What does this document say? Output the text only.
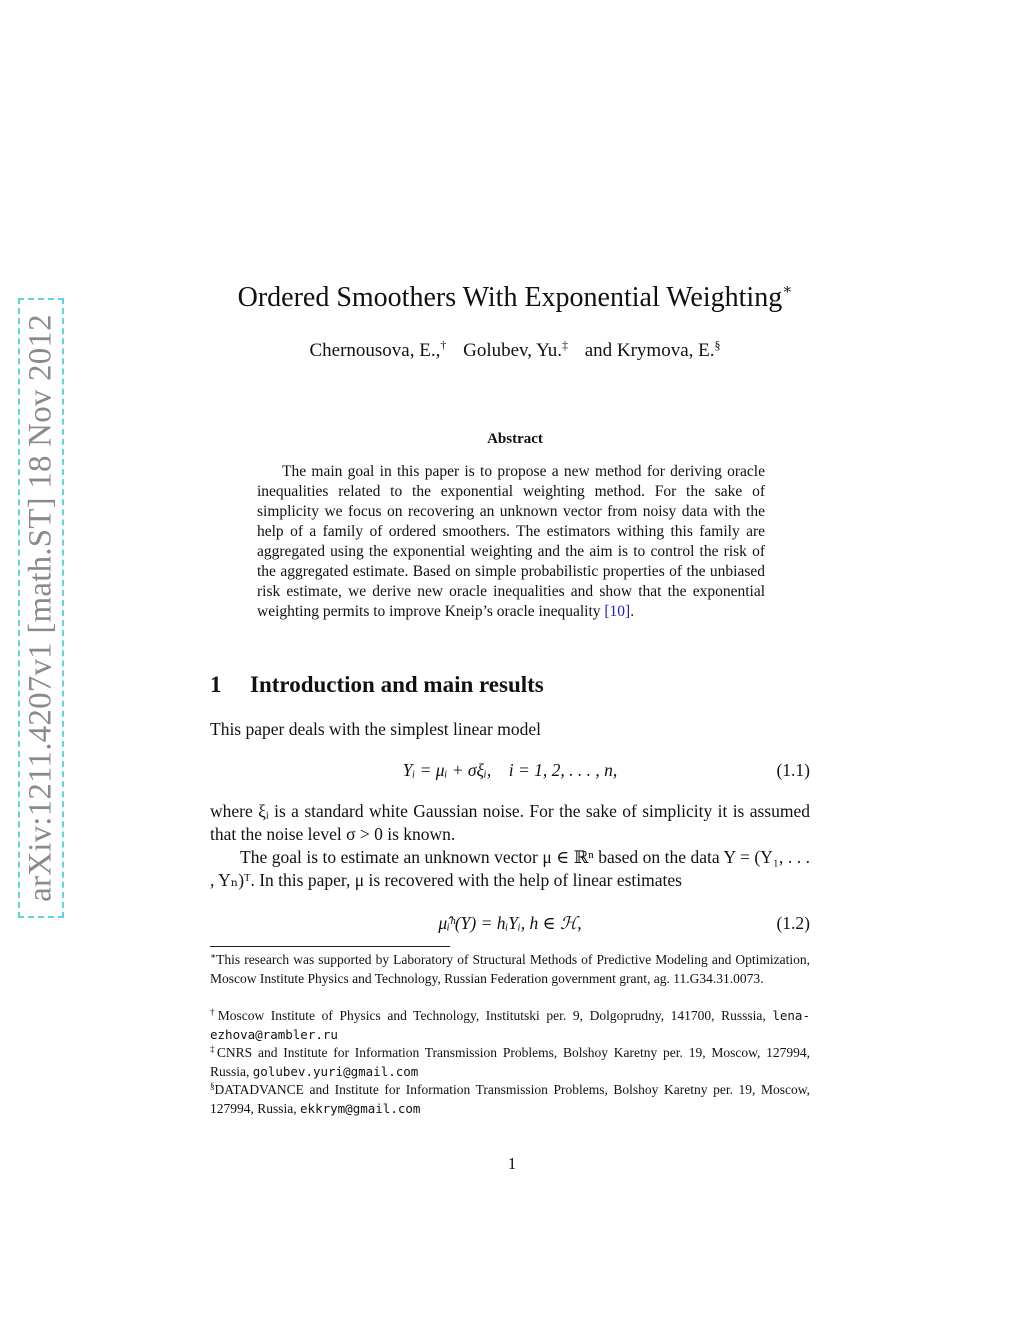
arXiv:1211.4207v1 [math.ST] 18 Nov 2012
Ordered Smoothers With Exponential Weighting∗
Chernousova, E.,† Golubev, Yu.‡ and Krymova, E.§
Abstract
The main goal in this paper is to propose a new method for deriving oracle inequalities related to the exponential weighting method. For the sake of simplicity we focus on recovering an unknown vector from noisy data with the help of a family of ordered smoothers. The estimators withing this family are aggregated using the exponential weighting and the aim is to control the risk of the aggregated estimate. Based on simple probabilistic properties of the unbiased risk estimate, we derive new oracle inequalities and show that the exponential weighting permits to improve Kneip’s oracle inequality [10].
1 Introduction and main results
This paper deals with the simplest linear model
Yᵢ = μᵢ + σξᵢ, i = 1, 2, . . . , n,	(1.1)
where ξᵢ is a standard white Gaussian noise. For the sake of simplicity it is assumed that the noise level σ > 0 is known.
The goal is to estimate an unknown vector μ ∈ ℝⁿ based on the data Y = (Y₁, . . . , Yₙ)ᵀ. In this paper, μ is recovered with the help of linear estimates
μ̂ᵢʰ(Y) = hᵢYᵢ, h ∈ ℋ,	(1.2)
∗This research was supported by Laboratory of Structural Methods of Predictive Modeling and Optimization, Moscow Institute Physics and Technology, Russian Federation government grant, ag. 11.G34.31.0073.
†Moscow Institute of Physics and Technology, Institutski per. 9, Dolgoprudny, 141700, Russsia, lena-ezhova@rambler.ru
‡CNRS and Institute for Information Transmission Problems, Bolshoy Karetny per. 19, Moscow, 127994, Russia, golubev.yuri@gmail.com
§DATADVANCE and Institute for Information Transmission Problems, Bolshoy Karetny per. 19, Moscow, 127994, Russia, ekkrym@gmail.com
1
